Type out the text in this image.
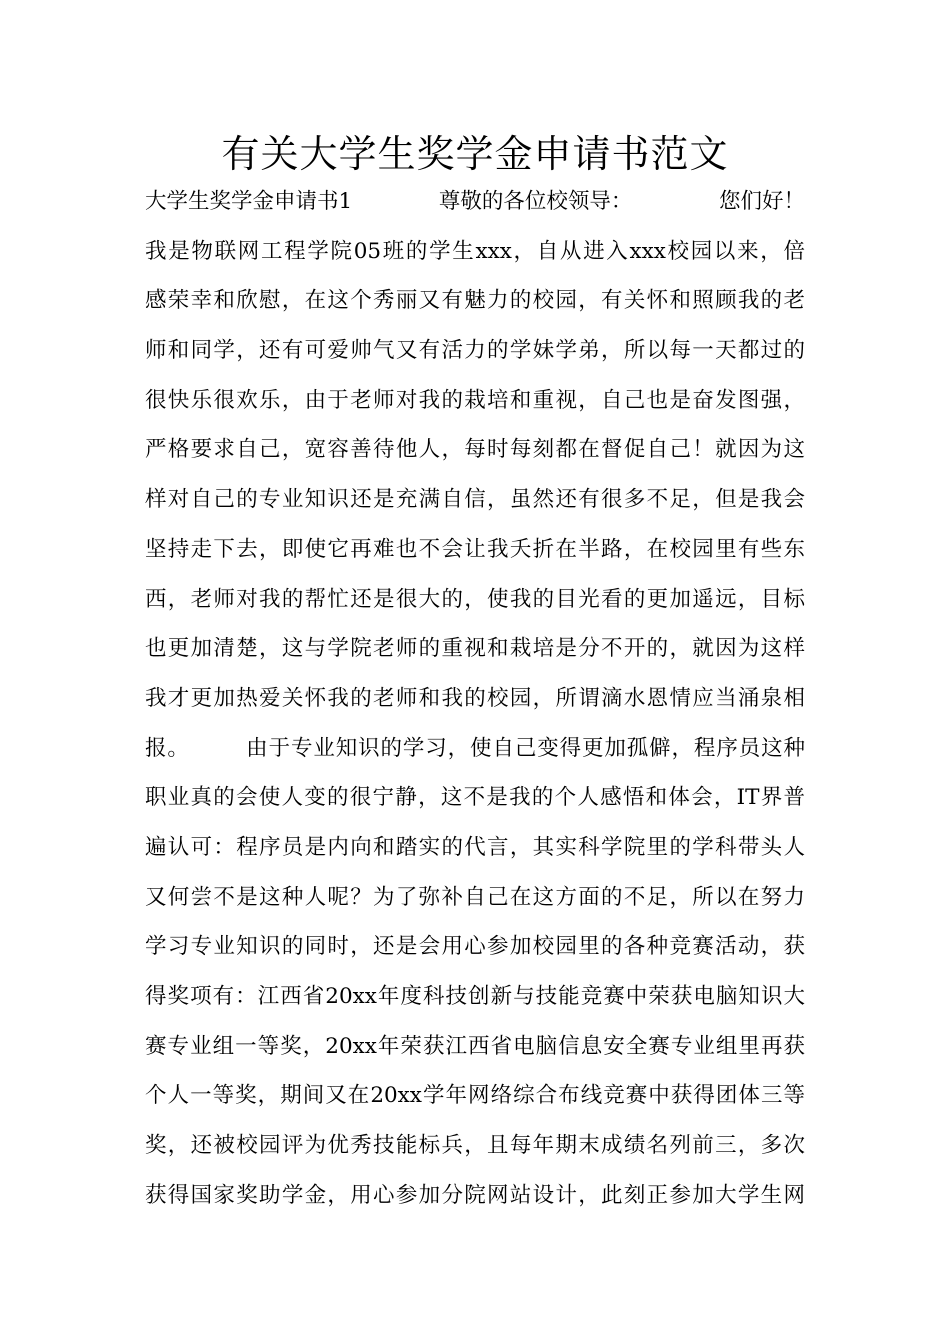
有关大学生奖学金申请书范文
大学生奖学金申请书1	尊敬的各位校领导：	您们好！
我是物联网工程学院05班的学生xxx，自从进入xxx校园以来，倍
感荣幸和欣慰，在这个秀丽又有魅力的校园，有关怀和照顾我的老
师和同学，还有可爱帅气又有活力的学妹学弟，所以每一天都过的
很快乐很欢乐，由于老师对我的栽培和重视，自己也是奋发图强，
严格要求自己，宽容善待他人，每时每刻都在督促自己！就因为这
样对自己的专业知识还是充满自信，虽然还有很多不足，但是我会
坚持走下去，即使它再难也不会让我夭折在半路，在校园里有些东
西，老师对我的帮忙还是很大的，使我的目光看的更加遥远，目标
也更加清楚，这与学院老师的重视和栽培是分不开的，就因为这样
我才更加热爱关怀我的老师和我的校园，所谓滴水恩情应当涌泉相
报。　　　由于专业知识的学习，使自己变得更加孤僻，程序员这种
职业真的会使人变的很宁静，这不是我的个人感悟和体会，IT界普
遍认可：程序员是内向和踏实的代言，其实科学院里的学科带头人
又何尝不是这种人呢？为了弥补自己在这方面的不足，所以在努力
学习专业知识的同时，还是会用心参加校园里的各种竞赛活动，获
得奖项有：江西省20xx年度科技创新与技能竞赛中荣获电脑知识大
赛专业组一等奖，20xx年荣获江西省电脑信息安全赛专业组里再获
个人一等奖，期间又在20xx学年网络综合布线竞赛中获得团体三等
奖，还被校园评为优秀技能标兵，且每年期末成绩名列前三，多次
获得国家奖助学金，用心参加分院网站设计，此刻正参加大学生网
